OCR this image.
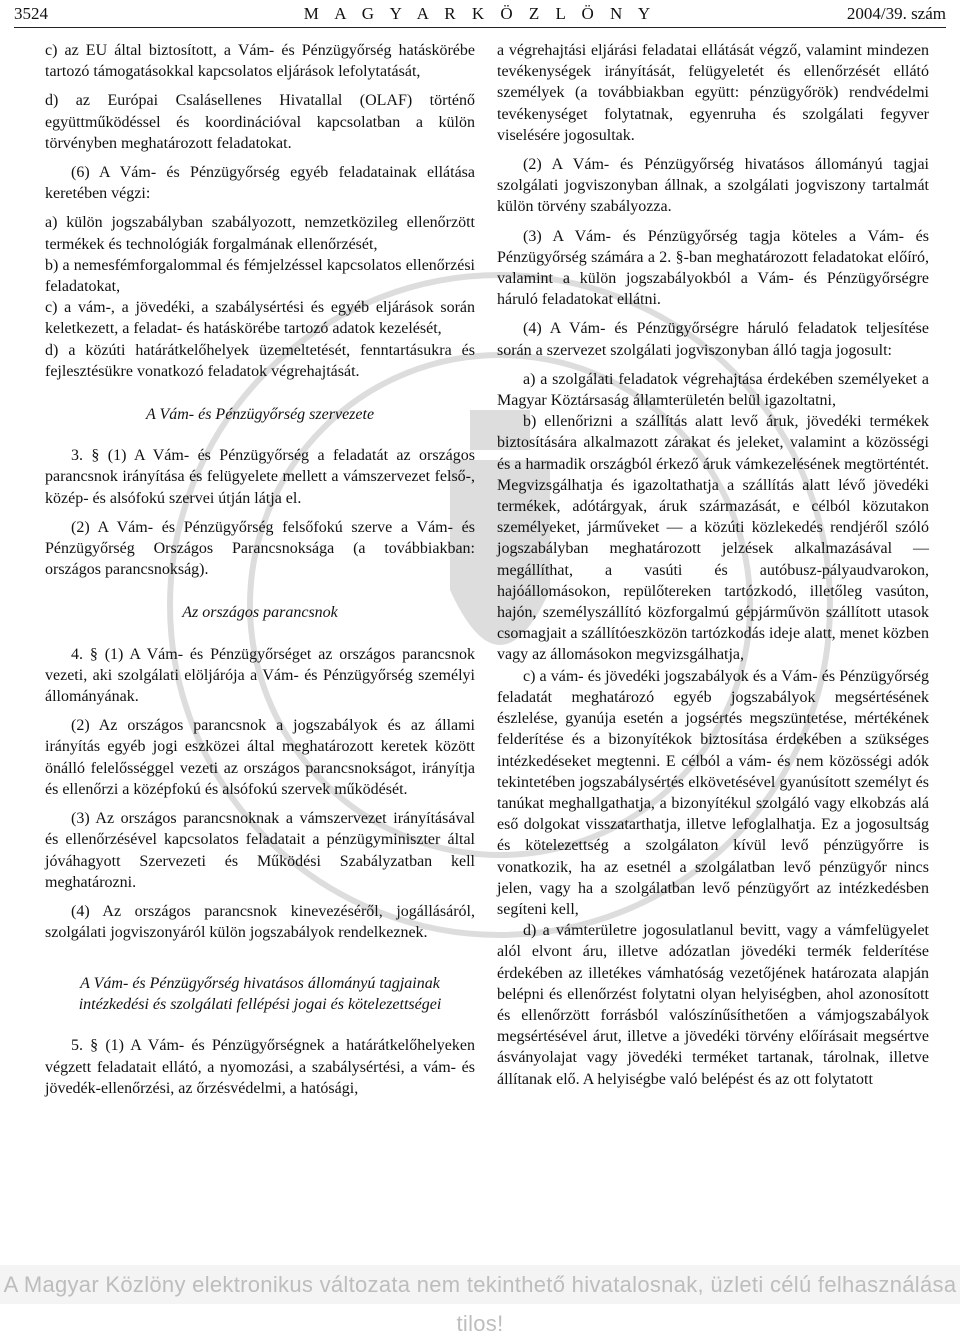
3524	M A G Y A R K Ö Z L Ö N Y	2004/39. szám

c) az EU által biztosított, a Vám- és Pénzügyőrség hatáskörébe tartozó támogatásokkal kapcsolatos eljárások lefolytatását,

d) az Európai Csalásellenes Hivatallal (OLAF) történő együttműködéssel és koordinációval kapcsolatban a külön törvényben meghatározott feladatokat.

(6) A Vám- és Pénzügyőrség egyéb feladatainak ellátása keretében végzi:

a) külön jogszabályban szabályozott, nemzetközileg ellenőrzött termékek és technológiák forgalmának ellenőrzését,

b) a nemesfémforgalommal és fémjelzéssel kapcsolatos ellenőrzési feladatokat,

c) a vám-, a jövedéki, a szabálysértési és egyéb eljárások során keletkezett, a feladat- és hatáskörébe tartozó adatok kezelését,

d) a közúti határátkelőhelyek üzemeltetését, fenntartásukra és fejlesztésükre vonatkozó feladatok végrehajtását.

A Vám- és Pénzügyőrség szervezete

3. § (1) A Vám- és Pénzügyőrség a feladatát az országos parancsnok irányítása és felügyelete mellett a vámszervezet felső-, közép- és alsófokú szervei útján látja el.

(2) A Vám- és Pénzügyőrség felsőfokú szerve a Vám- és Pénzügyőrség Országos Parancsnoksága (a továbbiakban: országos parancsnokság).

Az országos parancsnok

4. § (1) A Vám- és Pénzügyőrséget az országos parancsnok vezeti, aki szolgálati elöljárója a Vám- és Pénzügyőrség személyi állományának.

(2) Az országos parancsnok a jogszabályok és az állami irányítás egyéb jogi eszközei által meghatározott keretek között önálló felelősséggel vezeti az országos parancsnokságot, irányítja és ellenőrzi a középfokú és alsófokú szervek működését.

(3) Az országos parancsnoknak a vámszervezet irányításával és ellenőrzésével kapcsolatos feladatait a pénzügyminiszter által jóváhagyott Szervezeti és Működési Szabályzatban kell meghatározni.

(4) Az országos parancsnok kinevezéséről, jogállásáról, szolgálati jogviszonyáról külön jogszabályok rendelkeznek.

A Vám- és Pénzügyőrség hivatásos állományú tagjainak
intézkedési és szolgálati fellépési jogai és kötelezettségei

5. § (1) A Vám- és Pénzügyőrségnek a határátkelőhelyeken végzett feladatait ellátó, a nyomozási, a szabálysértési, a vám- és jövedék-ellenőrzési, az őrzésvédelmi, a hatósági,

a végrehajtási eljárási feladatai ellátását végző, valamint mindezen tevékenységek irányítását, felügyeletét és ellenőrzését ellátó személyek (a továbbiakban együtt: pénzügyőrök) rendvédelmi tevékenységet folytatnak, egyenruha és szolgálati fegyver viselésére jogosultak.

(2) A Vám- és Pénzügyőrség hivatásos állományú tagjai szolgálati jogviszonyban állnak, a szolgálati jogviszony tartalmát külön törvény szabályozza.

(3) A Vám- és Pénzügyőrség tagja köteles a Vám- és Pénzügyőrség számára a 2. §-ban meghatározott feladatokat előíró, valamint a külön jogszabályokból a Vám- és Pénzügyőrségre háruló feladatokat ellátni.

(4) A Vám- és Pénzügyőrségre háruló feladatok teljesítése során a szervezet szolgálati jogviszonyban álló tagja jogosult:

a) a szolgálati feladatok végrehajtása érdekében személyeket a Magyar Köztársaság államterületén belül igazoltatni,

b) ellenőrizni a szállítás alatt levő áruk, jövedéki termékek biztosítására alkalmazott zárakat és jeleket, valamint a közösségi és a harmadik országból érkező áruk vámkezelésének megtörténtét. Megvizsgálhatja és igazoltathatja a szállítás alatt lévő jövedéki termékek, adótárgyak, áruk származását, e célból közutakon személyeket, járműveket — a közúti közlekedés rendjéről szóló jogszabályban meghatározott jelzések alkalmazásával — megállíthat, a vasúti és autóbusz-pályaudvarokon, hajóállomásokon, repülőtereken tartózkodó, illetőleg vasúton, hajón, személyszállító közforgalmú gépjárművön szállított utasok csomagjait a szállítóeszközön tartózkodás ideje alatt, menet közben vagy az állomásokon megvizsgálhatja,

c) a vám- és jövedéki jogszabályok és a Vám- és Pénzügyőrség feladatát meghatározó egyéb jogszabályok megsértésének észlelése, gyanúja esetén a jogsértés megszüntetése, mértékének felderítése és a bizonyítékok biztosítása érdekében a szükséges intézkedéseket megtenni. E célból a vám- és nem közösségi adók tekintetében jogszabálysértés elkövetésével gyanúsított személyt és tanúkat meghallgathatja, a bizonyítékul szolgáló vagy elkobzás alá eső dolgokat visszatarthatja, illetve lefoglalhatja. Ez a jogosultság és kötelezettség a szolgálaton kívül levő pénzügyőrre is vonatkozik, ha az esetnél a szolgálatban levő pénzügyőr nincs jelen, vagy ha a szolgálatban levő pénzügyőrt az intézkedésben segíteni kell,

d) a vámterületre jogosulatlanul bevitt, vagy a vámfelügyelet alól elvont áru, illetve adózatlan jövedéki termék felderítése érdekében az illetékes vámhatóság vezetőjének határozata alapján belépni és ellenőrzést folytatni olyan helyiségben, ahol azonosított és ellenőrzött forrásból valószínűsíthetően a vámjogszabályok megsértésével árut, illetve a jövedéki törvény előírásait megsértve ásványolajat vagy jövedéki terméket tartanak, tárolnak, illetve állítanak elő. A helyiségbe való belépést és az ott folytatott

A Magyar Közlöny elektronikus változata nem tekinthető hivatalosnak, üzleti célú felhasználása tilos!
